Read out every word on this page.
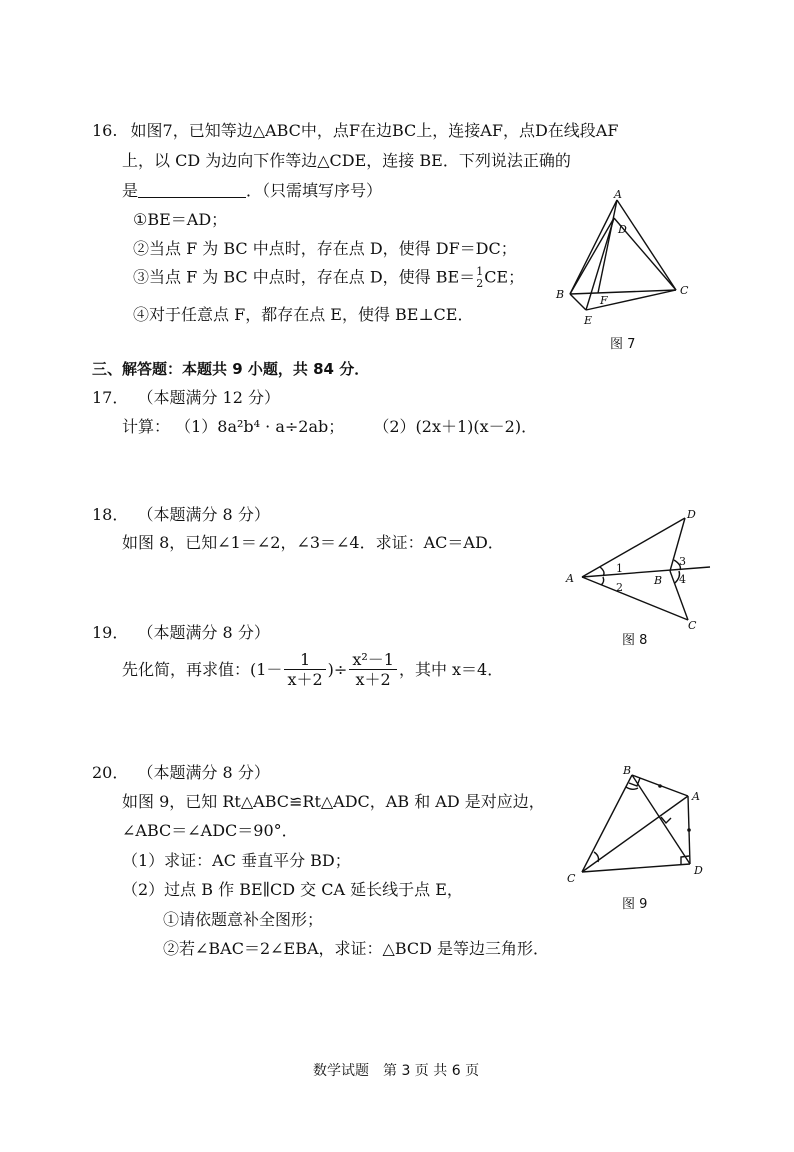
16. 如图7，已知等边△ABC中，点F在边BC上，连接AF，点D在线段AF
上，以 CD 为边向下作等边△CDE，连接 BE．下列说法正确的
是	．（只需填写序号）
①BE＝AD；
②当点 F 为 BC 中点时，存在点 D，使得 DF＝DC；
③当点 F 为 BC 中点时，存在点 D，使得 BE＝ 1
2 CE；
④对于任意点 F，都存在点 E，使得 BE⊥CE．
A
D
B	C
F
E
图 7
三、解答题：本题共 9 小题，共 84 分．
17． （本题满分 12 分）
计算： （1）8a²b⁴ · a÷2ab； （2）(2x＋1)(x－2)．
18． （本题满分 8 分）
如图 8，已知∠1＝∠2，∠3＝∠4．求证：AC＝AD．
A
D
C
B
1
2
3
4
图 8
19． （本题满分 8 分）
先化简，再求值：($1- \frac{1}{x+2}$ )÷ $\frac{\text{x²－1}}{x+2}$ ，其中 x＝4．
20． （本题满分 8 分）
如图 9，已知 Rt△ABC≌Rt△ADC，AB 和 AD 是对应边，
∠ABC＝∠ADC＝90°．
（1）求证：AC 垂直平分 BD；
（2）过点 B 作 BE∥CD 交 CA 延长线于点 E，
①请依题意补全图形；
②若∠BAC＝2∠EBA，求证：△BCD 是等边三角形．
B
A
C
D
图 9
数学试题　第 3 页 共 6 页
